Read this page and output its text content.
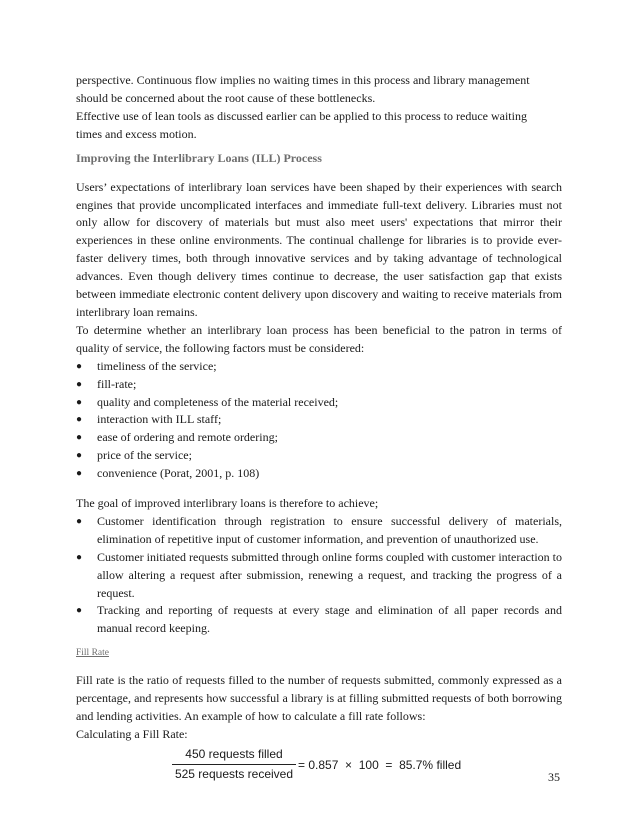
perspective. Continuous flow implies no waiting times in this process and library management

should be concerned about the root cause of these bottlenecks.

Effective use of lean tools as discussed earlier can be applied to this process to reduce waiting

times and excess motion.

Improving the Interlibrary Loans (ILL) Process

Users’ expectations of interlibrary loan services have been shaped by their experiences with search engines that provide uncomplicated interfaces and immediate full-text delivery. Libraries must not only allow for discovery of materials but must also meet users' expectations that mirror their experiences in these online environments. The continual challenge for libraries is to provide ever-faster delivery times, both through innovative services and by taking advantage of technological advances. Even though delivery times continue to decrease, the user satisfaction gap that exists between immediate electronic content delivery upon discovery and waiting to receive materials from interlibrary loan remains.

To determine whether an interlibrary loan process has been beneficial to the patron in terms of quality of service, the following factors must be considered:

● timeliness of the service;
● fill-rate;
● quality and completeness of the material received;
● interaction with ILL staff;
● ease of ordering and remote ordering;
● price of the service;
● convenience (Porat, 2001, p. 108)

The goal of improved interlibrary loans is therefore to achieve;

● Customer identification through registration to ensure successful delivery of materials, elimination of repetitive input of customer information, and prevention of unauthorized use.
● Customer initiated requests submitted through online forms coupled with customer interaction to allow altering a request after submission, renewing a request, and tracking the progress of a request.
● Tracking and reporting of requests at every stage and elimination of all paper records and manual record keeping.
Fill Rate

Fill rate is the ratio of requests filled to the number of requests submitted, commonly expressed as a percentage, and represents how successful a library is at filling submitted requests of both borrowing and lending activities. An example of how to calculate a fill rate follows:

Calculating a Fill Rate:

450 requests filled
525 requests received
= 0.857  ×  100  =  85.7% filled
35
